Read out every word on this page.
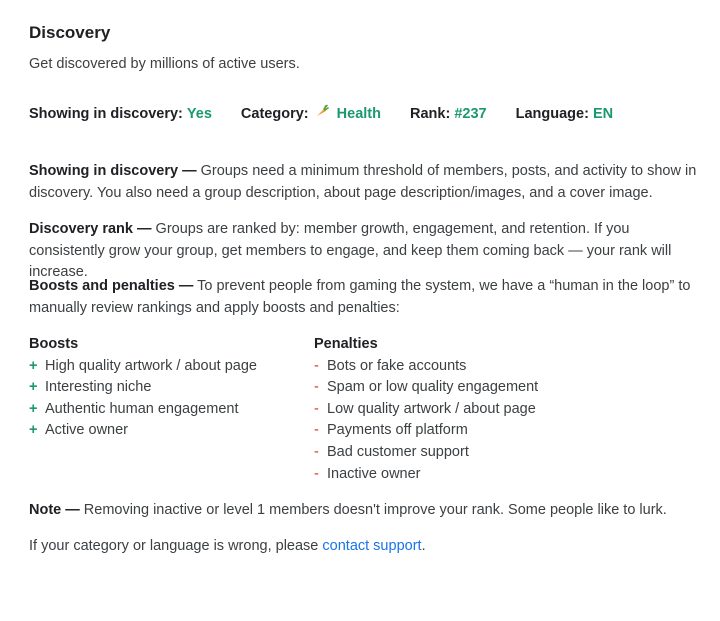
Discovery
Get discovered by millions of active users.
Showing in discovery: Yes Category: Health Rank: #237 Language: EN
Showing in discovery — Groups need a minimum threshold of members, posts, and activity to show in discovery. You also need a group description, about page description/images, and a cover image.
Discovery rank — Groups are ranked by: member growth, engagement, and retention. If you consistently grow your group, get members to engage, and keep them coming back — your rank will increase.
Boosts and penalties — To prevent people from gaming the system, we have a “human in the loop” to manually review rankings and apply boosts and penalties:
Boosts
+ High quality artwork / about page
+ Interesting niche
+ Authentic human engagement
+ Active owner
Penalties
- Bots or fake accounts
- Spam or low quality engagement
- Low quality artwork / about page
- Payments off platform
- Bad customer support
- Inactive owner
Note — Removing inactive or level 1 members doesn't improve your rank. Some people like to lurk.
If your category or language is wrong, please contact support.
